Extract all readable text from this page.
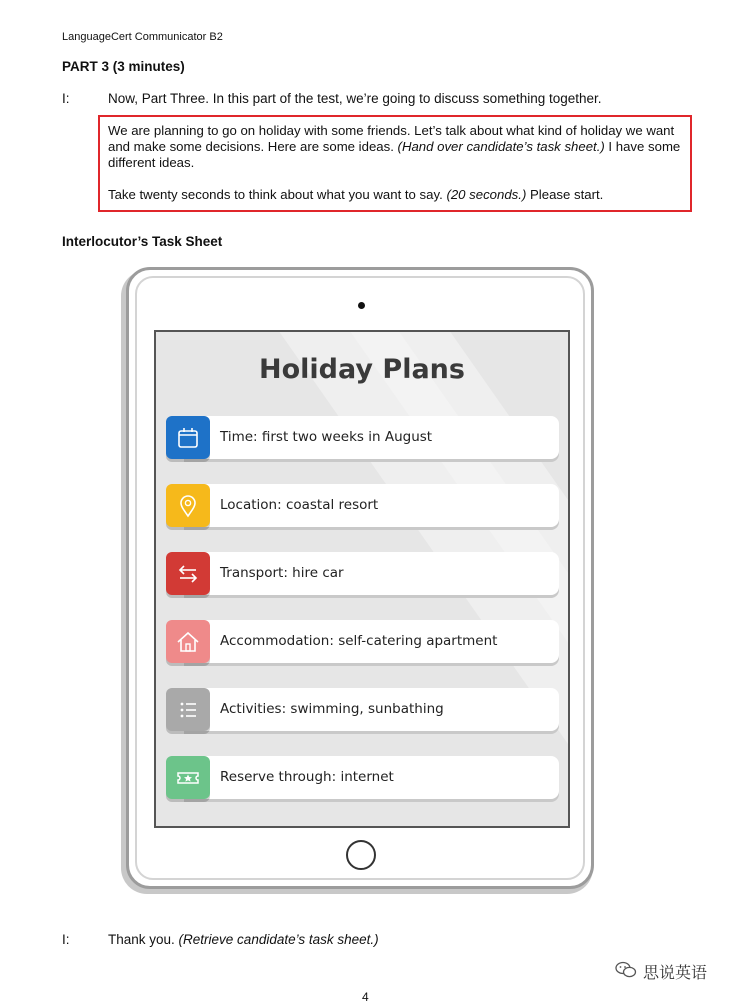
LanguageCert Communicator B2
PART 3 (3 minutes)
I:	Now, Part Three. In this part of the test, we’re going to discuss something together.

We are planning to go on holiday with some friends. Let’s talk about what kind of holiday we want and make some decisions. Here are some ideas. (Hand over candidate’s task sheet.) I have some different ideas.

Take twenty seconds to think about what you want to say. (20 seconds.) Please start.

Interlocutor’s Task Sheet
Holiday Plans
Time: first two weeks in August
Location: coastal resort
Transport: hire car
Accommodation: self-catering apartment
Activities: swimming, sunbathing
Reserve through: internet
I:	Thank you. (Retrieve candidate’s task sheet.)
思说英语
4
